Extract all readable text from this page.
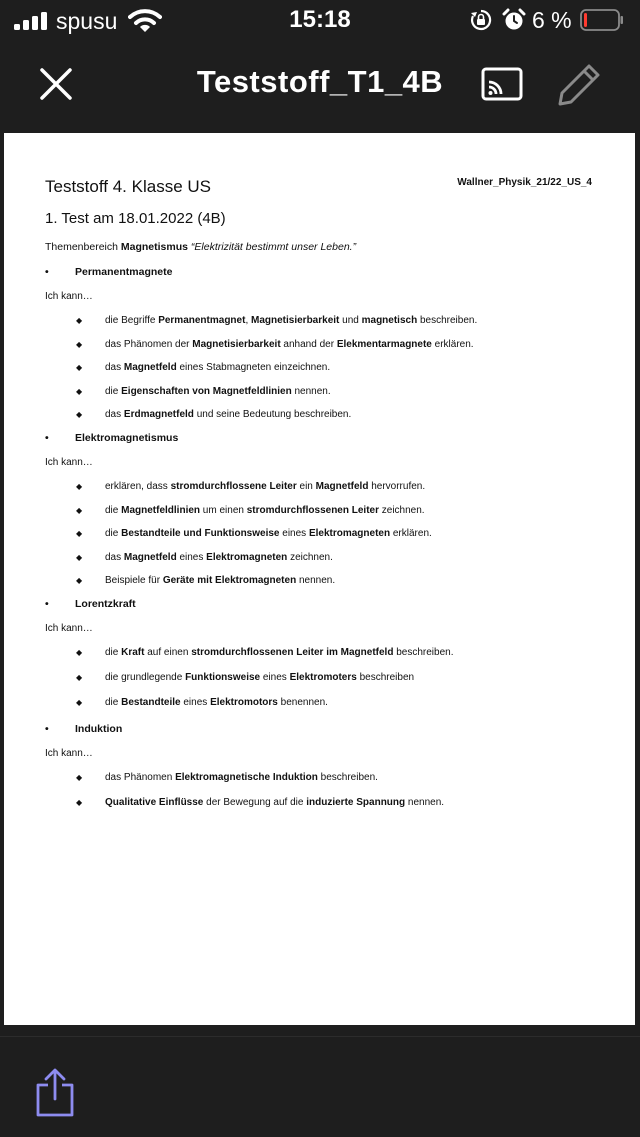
spusu	15:18	6 %
Teststoff_T1_4B
Teststoff 4. Klasse US	Wallner_Physik_21/22_US_4
1. Test am 18.01.2022 (4B)
Themenbereich Magnetismus “Elektrizität bestimmt unser Leben.”
•	Permanentmagnete
Ich kann…
◆ die Begriffe Permanentmagnet, Magnetisierbarkeit und magnetisch beschreiben.
◆ das Phänomen der Magnetisierbarkeit anhand der Elekmentarmagnete erklären.
◆ das Magnetfeld eines Stabmagneten einzeichnen.
◆ die Eigenschaften von Magnetfeldlinien nennen.
◆ das Erdmagnetfeld und seine Bedeutung beschreiben.
•	Elektromagnetismus
Ich kann…
◆ erklären, dass stromdurchflossene Leiter ein Magnetfeld hervorrufen.
◆ die Magnetfeldlinien um einen stromdurchflossenen Leiter zeichnen.
◆ die Bestandteile und Funktionsweise eines Elektromagneten erklären.
◆ das Magnetfeld eines Elektromagneten zeichnen.
◆ Beispiele für Geräte mit Elektromagneten nennen.
•	Lorentzkraft
Ich kann…
◆ die Kraft auf einen stromdurchflossenen Leiter im Magnetfeld beschreiben.
◆ die grundlegende Funktionsweise eines Elektromoters beschreiben
◆ die Bestandteile eines Elektromotors benennen.
•	Induktion
Ich kann…
◆ das Phänomen Elektromagnetische Induktion beschreiben.
◆ Qualitative Einflüsse der Bewegung auf die induzierte Spannung nennen.
